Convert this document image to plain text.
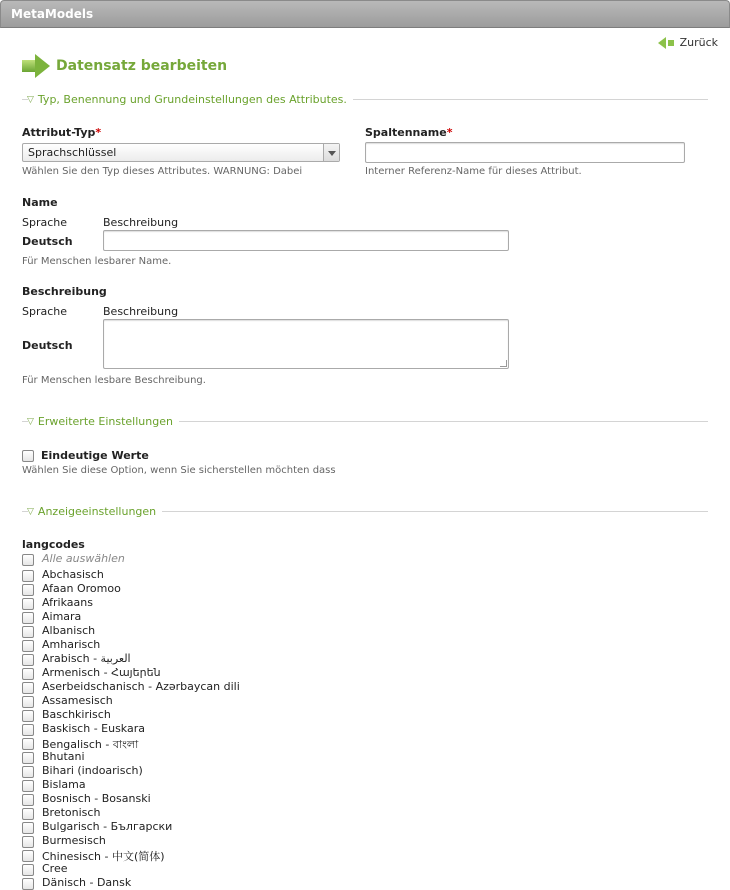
MetaModels
Zurück
Datensatz bearbeiten
▽ Typ, Benennung und Grundeinstellungen des Attributes.
Attribut-Typ*
Sprachschlüssel
Wählen Sie den Typ dieses Attributes. WARNUNG: Dabei
Spaltenname*
Interner Referenz-Name für dieses Attribut.
Name
Sprache	Beschreibung
Deutsch
Für Menschen lesbarer Name.
Beschreibung
Sprache	Beschreibung
Deutsch
Für Menschen lesbare Beschreibung.
▽ Erweiterte Einstellungen
Eindeutige Werte
Wählen Sie diese Option, wenn Sie sicherstellen möchten dass
▽ Anzeigeeinstellungen
langcodes
Alle auswählen
Abchasisch
Afaan Oromoo
Afrikaans
Aimara
Albanisch
Amharisch
Arabisch - العربية
Armenisch - Հայերեն
Aserbeidschanisch - Azərbaycan dili
Assamesisch
Baschkirisch
Baskisch - Euskara
Bengalisch - বাংলা
Bhutani
Bihari (indoarisch)
Bislama
Bosnisch - Bosanski
Bretonisch
Bulgarisch - Български
Burmesisch
Chinesisch - 中文(简体)
Cree
Dänisch - Dansk
